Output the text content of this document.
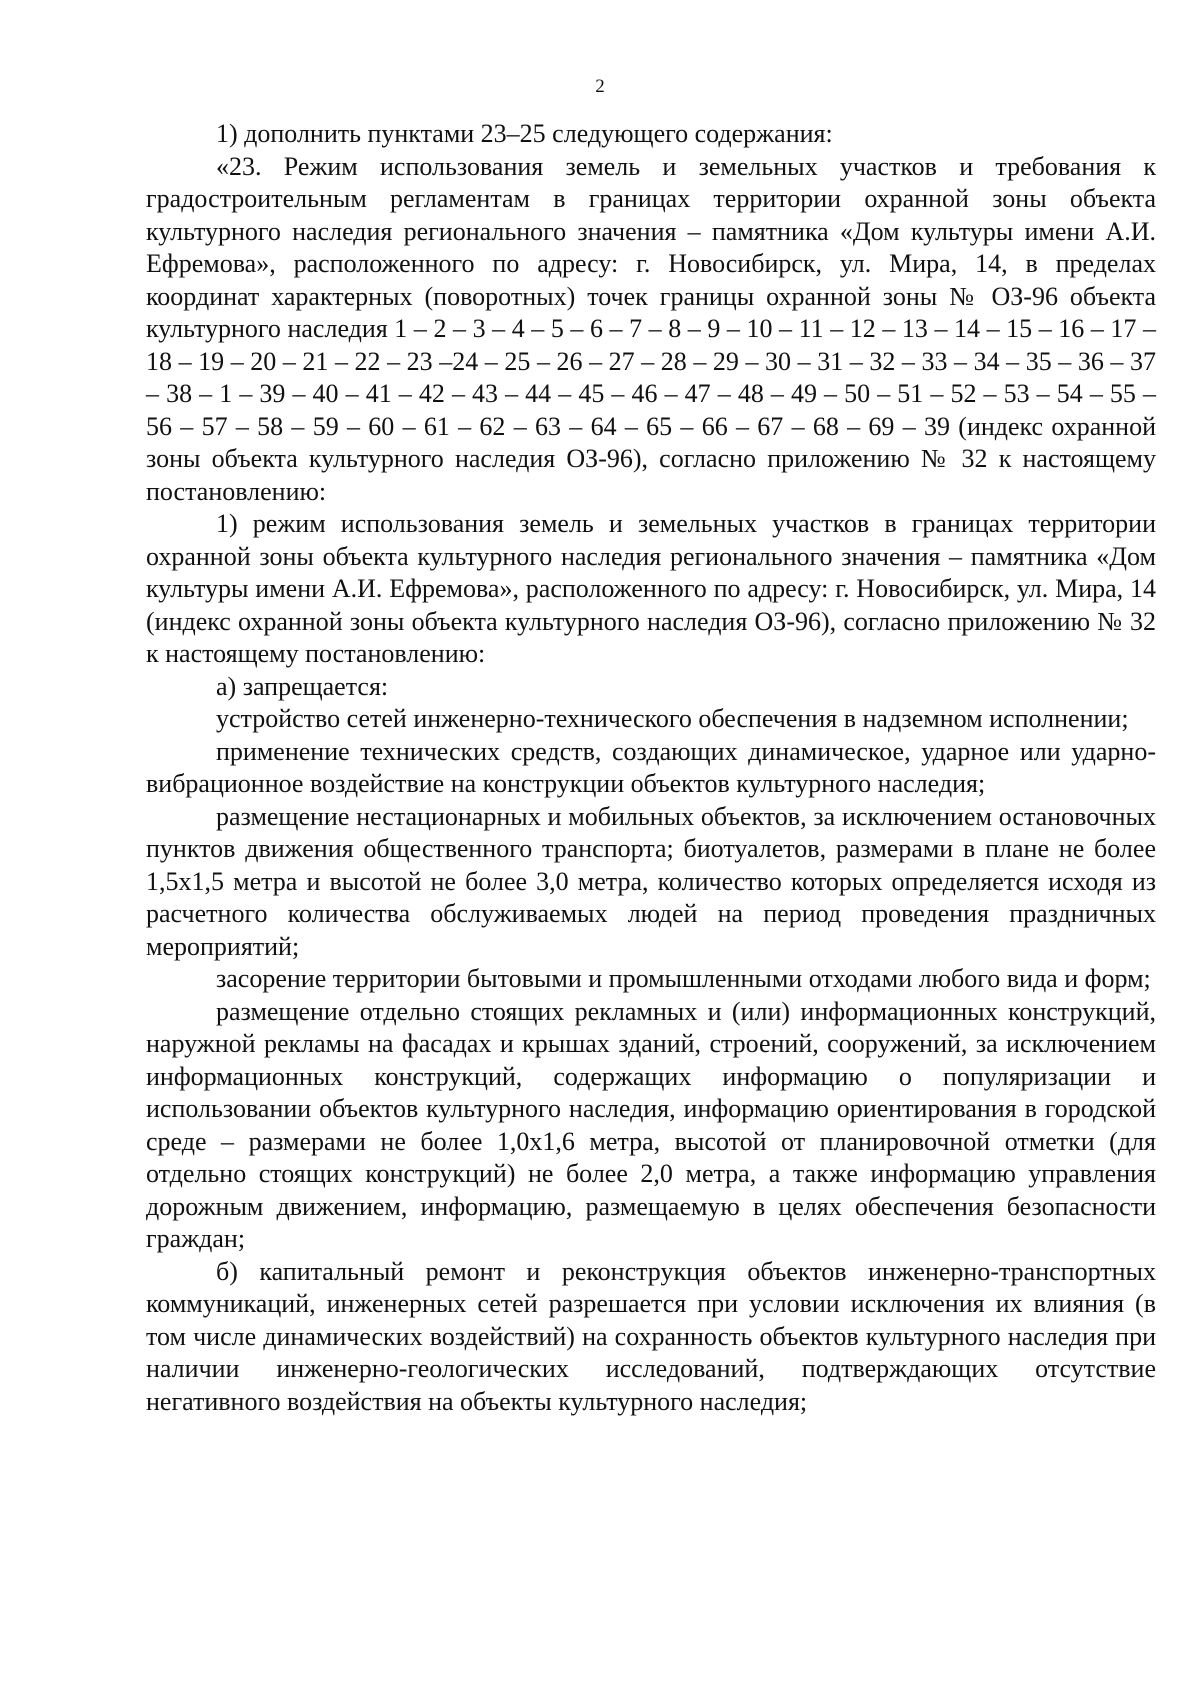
2

1) дополнить пунктами 23–25 следующего содержания:

«23. Режим использования земель и земельных участков и требования к градостроительным регламентам в границах территории охранной зоны объекта культурного наследия регионального значения – памятника «Дом культуры имени А.И. Ефремова», расположенного по адресу: г. Новосибирск, ул. Мира, 14, в пределах координат характерных (поворотных) точек границы охранной зоны № ОЗ-96 объекта культурного наследия 1 – 2 – 3 – 4 – 5 – 6 – 7 – 8 – 9 – 10 – 11 – 12 – 13 – 14 – 15 – 16 – 17 – 18 – 19 – 20 – 21 – 22 – 23 –24 – 25 – 26 – 27 – 28 – 29 – 30 – 31 – 32 – 33 – 34 – 35 – 36 – 37 – 38 – 1 – 39 – 40 – 41 – 42 – 43 – 44 – 45 – 46 – 47 – 48 – 49 – 50 – 51 – 52 – 53 – 54 – 55 – 56 – 57 – 58 – 59 – 60 – 61 – 62 – 63 – 64 – 65 – 66 – 67 – 68 – 69 – 39 (индекс охранной зоны объекта культурного наследия ОЗ-96), согласно приложению № 32 к настоящему постановлению:

1) режим использования земель и земельных участков в границах территории охранной зоны объекта культурного наследия регионального значения – памятника «Дом культуры имени А.И. Ефремова», расположенного по адресу: г. Новосибирск, ул. Мира, 14 (индекс охранной зоны объекта культурного наследия ОЗ-96), согласно приложению № 32 к настоящему постановлению:

а) запрещается:

устройство сетей инженерно-технического обеспечения в надземном исполнении;

применение технических средств, создающих динамическое, ударное или ударно-вибрационное воздействие на конструкции объектов культурного наследия;

размещение нестационарных и мобильных объектов, за исключением остановочных пунктов движения общественного транспорта; биотуалетов, размерами в плане не более 1,5х1,5 метра и высотой не более 3,0 метра, количество которых определяется исходя из расчетного количества обслуживаемых людей на период проведения праздничных мероприятий;

засорение территории бытовыми и промышленными отходами любого вида и форм;

размещение отдельно стоящих рекламных и (или) информационных конструкций, наружной рекламы на фасадах и крышах зданий, строений, сооружений, за исключением информационных конструкций, содержащих информацию о популяризации и использовании объектов культурного наследия, информацию ориентирования в городской среде – размерами не более 1,0х1,6 метра, высотой от планировочной отметки (для отдельно стоящих конструкций) не более 2,0 метра, а также информацию управления дорожным движением, информацию, размещаемую в целях обеспечения безопасности граждан;

б) капитальный ремонт и реконструкция объектов инженерно-транспортных коммуникаций, инженерных сетей разрешается при условии исключения их влияния (в том числе динамических воздействий) на сохранность объектов культурного наследия при наличии инженерно-геологических исследований, подтверждающих отсутствие негативного воздействия на объекты культурного наследия;
